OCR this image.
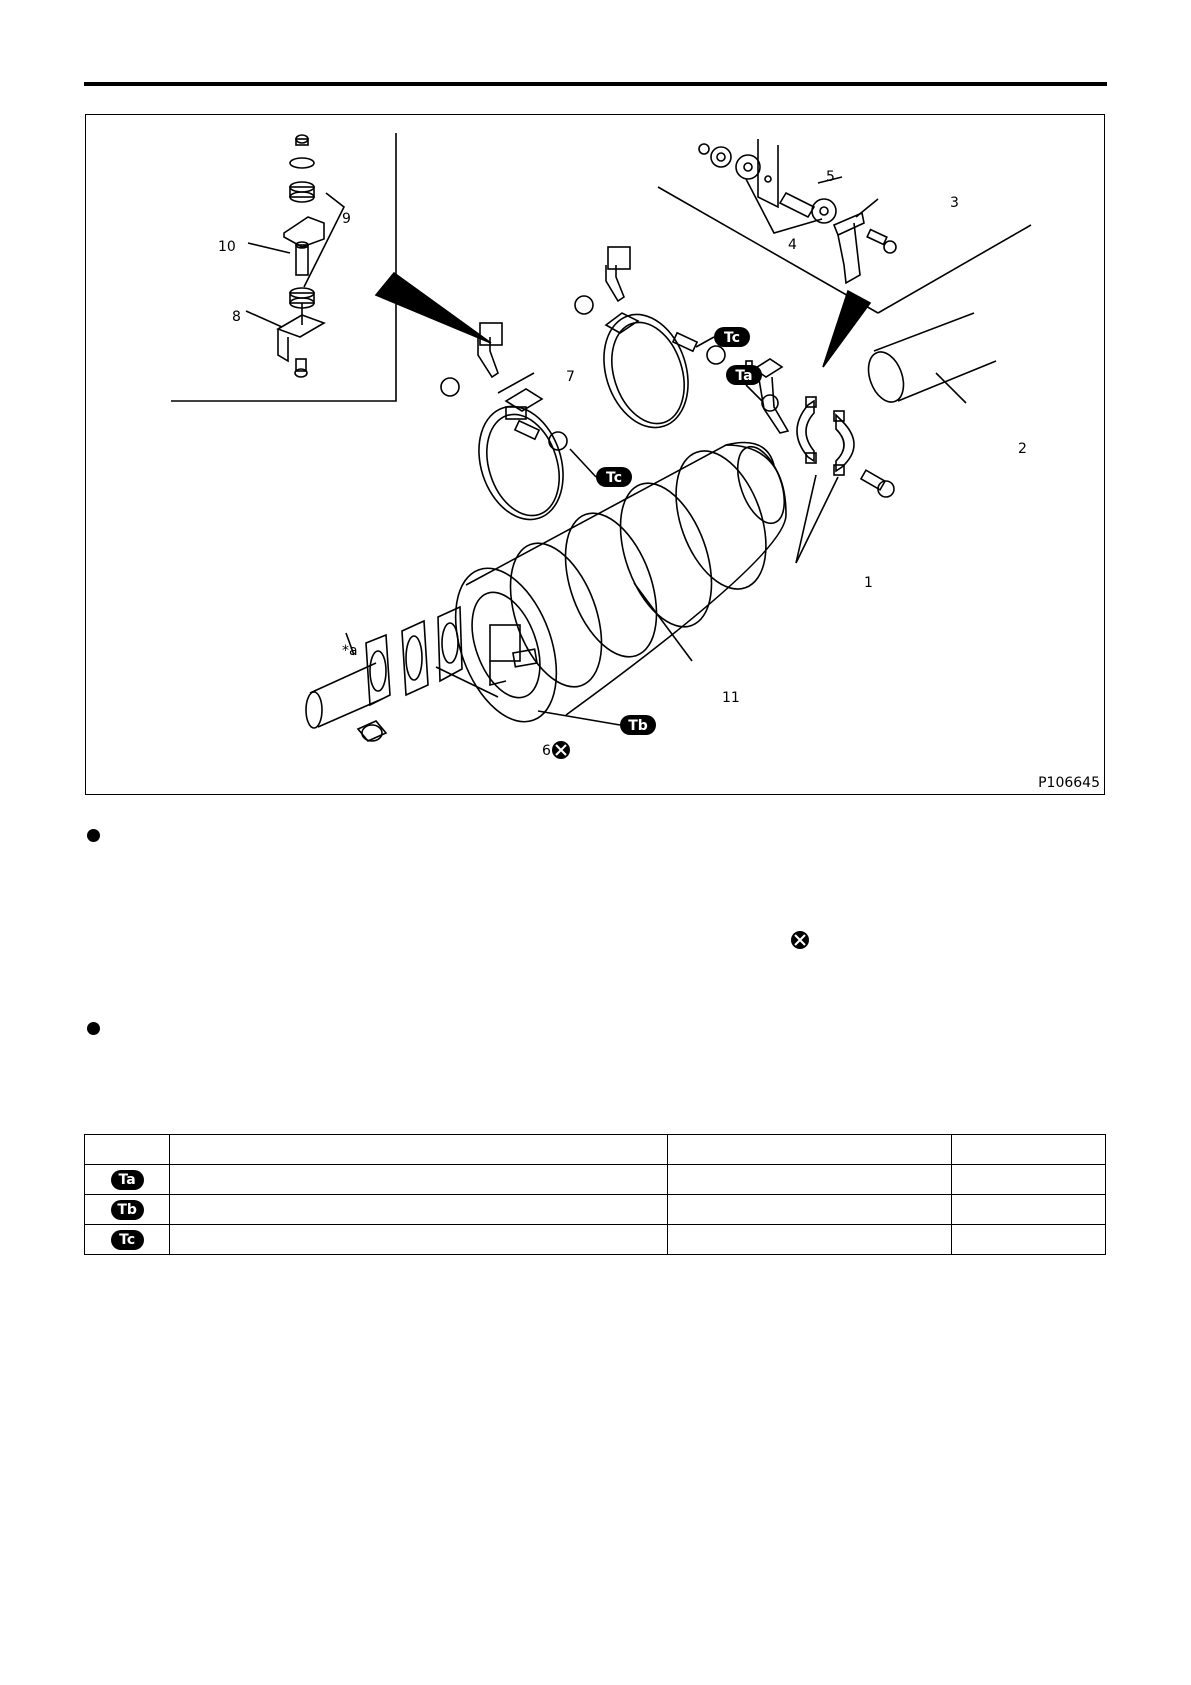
9
10
8
5
3
4
7
2
1
11
6
*a
Tc
Ta
Tc
Tb
P106645

Ta			
Tb			
Tc			
